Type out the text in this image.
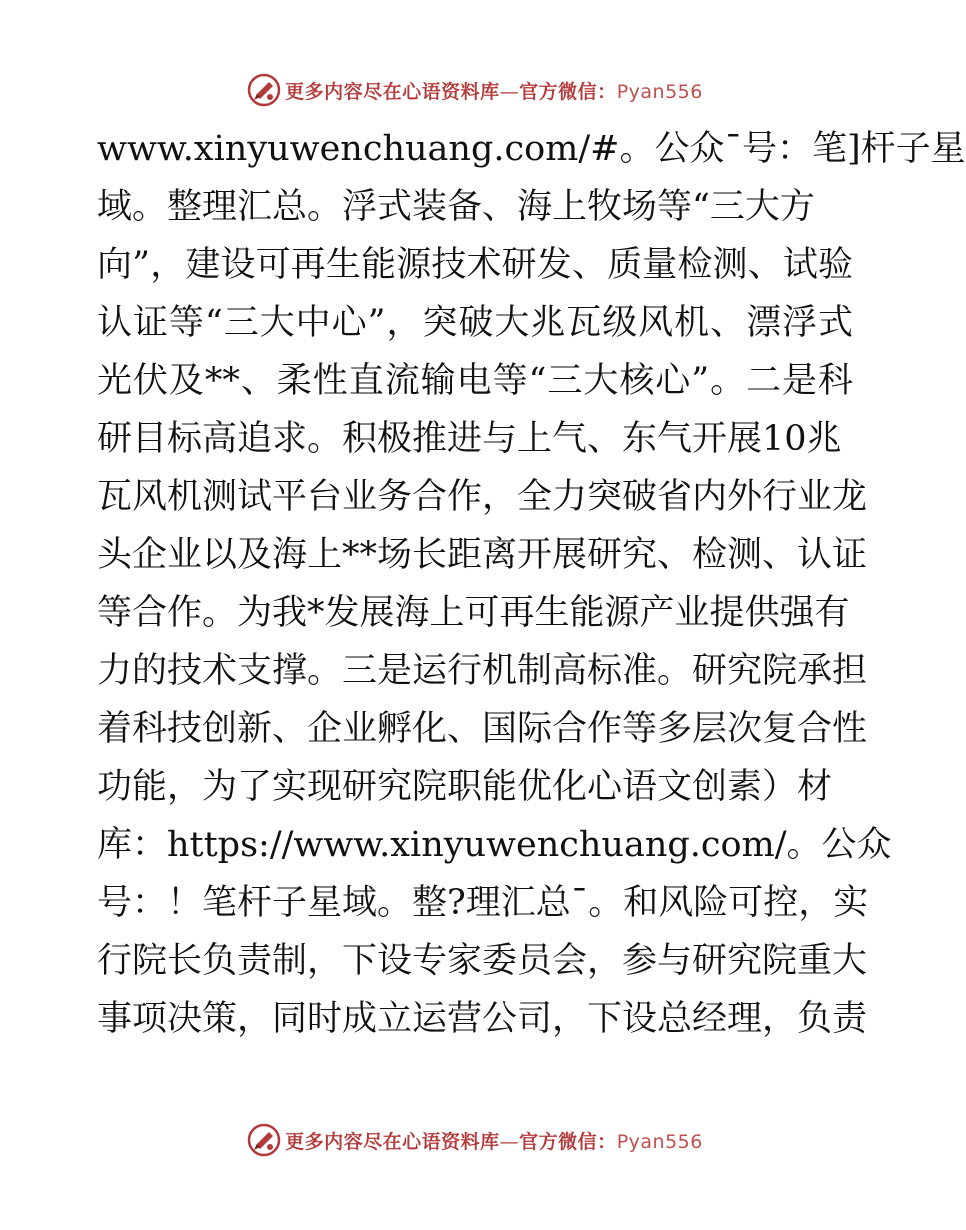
更多内容尽在心语资料库—官方微信：Pyan556
www.xinyuwenchuang.com/#。公众¯号：笔]杆子星
域。整理汇总。浮式装备、海上牧场等“三大方
向”，建设可再生能源技术研发、质量检测、试验
认证等“三大中心”，突破大兆瓦级风机、漂浮式
光伏及**、柔性直流输电等“三大核心”。二是科
研目标高追求。积极推进与上气、东气开展10兆
瓦风机测试平台业务合作，全力突破省内外行业龙
头企业以及海上**场长距离开展研究、检测、认证
等合作。为我*发展海上可再生能源产业提供强有
力的技术支撑。三是运行机制高标准。研究院承担
着科技创新、企业孵化、国际合作等多层次复合性
功能，为了实现研究院职能优化心语文创素）材
库：https://www.xinyuwenchuang.com/。公众
号：！笔杆子星域。整?理汇总¯。和风险可控，实
行院长负责制，下设专家委员会，参与研究院重大
事项决策，同时成立运营公司，下设总经理，负责
更多内容尽在心语资料库—官方微信：Pyan556
